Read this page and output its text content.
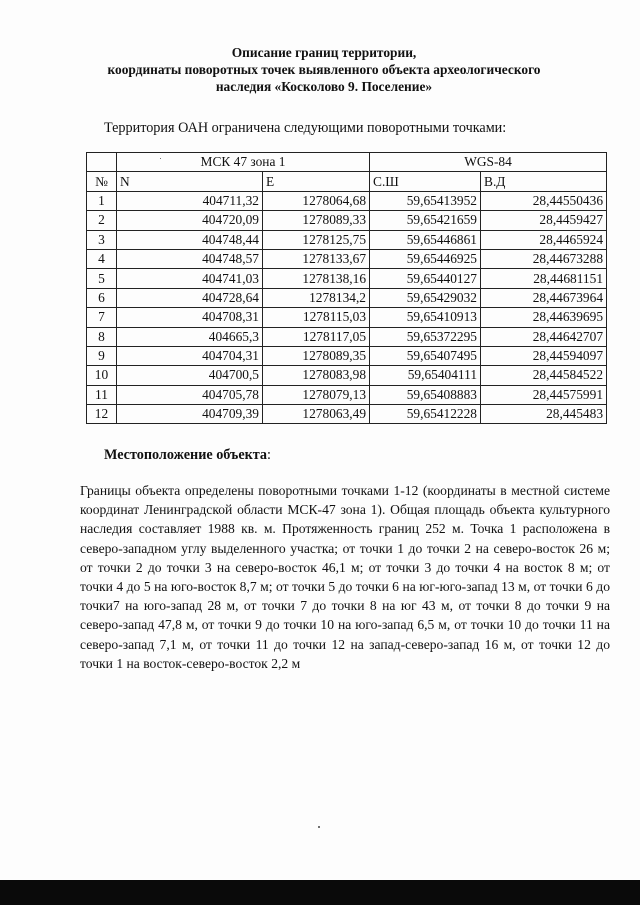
Описание границ территории,
координаты поворотных точек выявленного объекта археологического
наследия «Косколово 9. Поселение»
Территория ОАН ограничена следующими поворотными точками:
	МСК 47 зона 1		WGS-84	
№	N	E	С.Ш	В.Д
1	404711,32	1278064,68	59,65413952	28,44550436
2	404720,09	1278089,33	59,65421659	28,4459427
3	404748,44	1278125,75	59,65446861	28,4465924
4	404748,57	1278133,67	59,65446925	28,44673288
5	404741,03	1278138,16	59,65440127	28,44681151
6	404728,64	1278134,2	59,65429032	28,44673964
7	404708,31	1278115,03	59,65410913	28,44639695
8	404665,3	1278117,05	59,65372295	28,44642707
9	404704,31	1278089,35	59,65407495	28,44594097
10	404700,5	1278083,98	59,65404111	28,44584522
11	404705,78	1278079,13	59,65408883	28,44575991
12	404709,39	1278063,49	59,65412228	28,445483
Местоположение объекта:
Границы объекта определены поворотными точками 1-12 (координаты в местной системе координат Ленинградской области МСК-47 зона 1). Общая площадь объекта культурного наследия составляет 1988 кв. м. Протяженность границ 252 м. Точка 1 расположена в северо-западном углу выделенного участка; от точки 1 до точки 2 на северо-восток 26 м; от точки 2 до точки 3 на северо-восток 46,1 м; от точки 3 до точки 4 на восток 8 м; от точки 4 до 5 на юго-восток 8,7 м; от точки 5 до точки 6 на юг-юго-запад 13 м, от точки 6 до точки7 на юго-запад 28 м, от точки 7 до точки 8 на юг 43 м, от точки 8 до точки 9 на северо-запад 47,8 м, от точки 9 до точки 10 на юго-запад 6,5 м, от точки 10 до точки 11 на северо-запад 7,1 м, от точки 11 до точки 12 на запад-северо-запад 16 м, от точки 12 до точки 1 на восток-северо-восток 2,2 м
